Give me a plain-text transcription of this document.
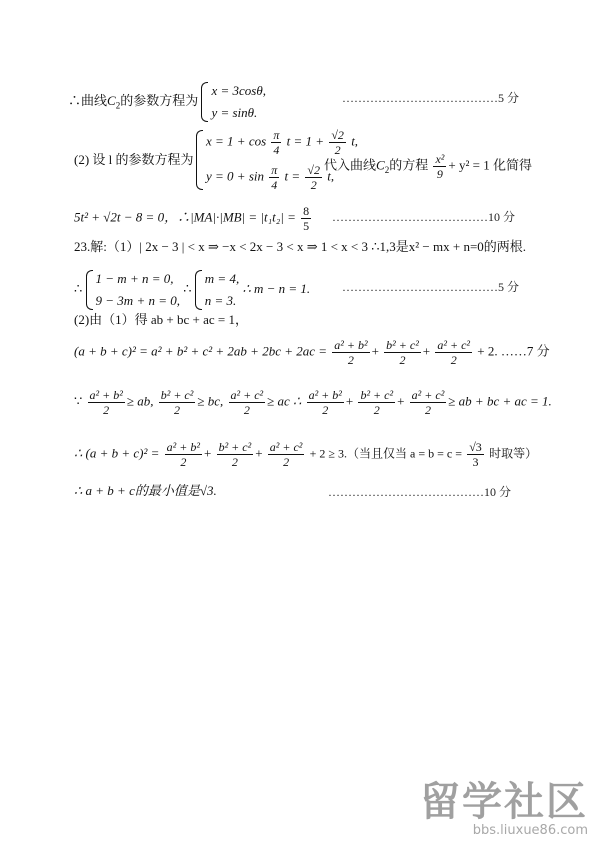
∴曲线$C_2$的参数方程为
x = 3cosθ,
y = sinθ.
…………………………………5 分
(2) 设 l 的参数方程为
$x = 1 + \cos \frac{\pi}{4}$ $t = 1 + \frac{√2}{2} t$,
$y = 0 + \sin \frac{\pi}{4}$ $t = \frac{√2}{2} t$,
代入曲线$C_2$的方程 $\frac{\text{x²}}{9} + y^2 = 1$ 化简得
5t² + √2t − 8 = 0，∴|MA|·|MB| = $|t_1t_2| = \frac{8}{5}$ …………………………………10 分
23.解:（1）| 2x − 3 | < x ⇒ −x < 2x − 3 < x ⇒ 1 < x < 3 ∴1,3是x² − mx + n=0的两根.
∴
1 − m + n = 0,
9 − 3m + n = 0,
∴
m = 4,
n = 3.
∴ m − n = 1.	…………………………………5 分
(2)由（1）得 ab + bc + ac = 1，
$(a + b + c)^2 = a^2 + b^2 + c^2 + 2ab + 2bc + 2ac = \frac{\text{a² + b²}}{2} + \frac{\text{b² + c²}}{2} + \frac{\text{a² + c²}}{2} + 2$. ……7 分
∵ $\frac{\text{a² + b²}}{2}$ ≥ ab, $\frac{\text{b² + c²}}{2}$ ≥ bc, $\frac{\text{a² + c²}}{2}$ ≥ ac ∴ $\frac{\text{a² + b²}}{2} + \frac{\text{b² + c²}}{2} + \frac{\text{a² + c²}}{2}$ ≥ ab + bc + ac = 1.
∴ $(a + b + c)^2 = \frac{\text{a² + b²}}{2} + \frac{\text{b² + c²}}{2} + \frac{\text{a² + c²}}{2} + 2 \ge 3$.（当且仅当 $a = b = c = \frac{√3}{3}$ 时取等）
∴ a + b + c的最小值是√3.	…………………………………10 分
留学社区
bbs.liuxue86.com
